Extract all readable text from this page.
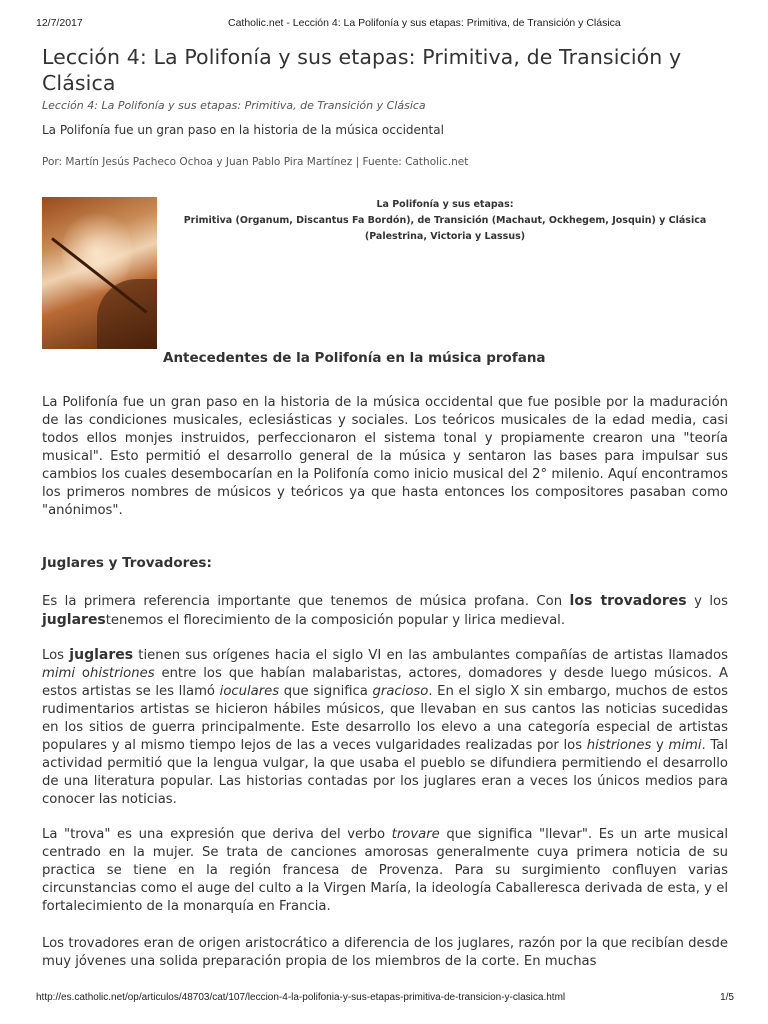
12/7/2017	Catholic.net - Lección 4: La Polifonía y sus etapas: Primitiva, de Transición y Clásica
Lección 4: La Polifonía y sus etapas: Primitiva, de Transición y Clásica
Lección 4: La Polifonía y sus etapas: Primitiva, de Transición y Clásica
La Polifonía fue un gran paso en la historia de la música occidental
Por: Martín Jesús Pacheco Ochoa y Juan Pablo Pira Martínez | Fuente: Catholic.net
La Polifonía y sus etapas:
Primitiva (Organum, Discantus Fa Bordón), de Transición (Machaut, Ockhegem, Josquin) y Clásica
(Palestrina, Victoria y Lassus)
Antecedentes de la Polifonía en la música profana

La Polifonía fue un gran paso en la historia de la música occidental que fue posible por la maduración de las condiciones musicales, eclesiásticas y sociales. Los teóricos musicales de la edad media, casi todos ellos monjes instruidos, perfeccionaron el sistema tonal y propiamente crearon una "teoría musical". Esto permitió el desarrollo general de la música y sentaron las bases para impulsar sus cambios los cuales desembocarían en la Polifonía como inicio musical del 2° milenio. Aquí encontramos los primeros nombres de músicos y teóricos ya que hasta entonces los compositores pasaban como "anónimos".

Juglares y Trovadores:

Es la primera referencia importante que tenemos de música profana. Con los trovadores y los juglarestenemos el florecimiento de la composición popular y lirica medieval.

Los juglares tienen sus orígenes hacia el siglo VI en las ambulantes compañías de artistas llamados mimi ohistriones entre los que habían malabaristas, actores, domadores y desde luego músicos. A estos artistas se les llamó ioculares que significa gracioso. En el siglo X sin embargo, muchos de estos rudimentarios artistas se hicieron hábiles músicos, que llevaban en sus cantos las noticias sucedidas en los sitios de guerra principalmente. Este desarrollo los elevo a una categoría especial de artistas populares y al mismo tiempo lejos de las a veces vulgaridades realizadas por los histriones y mimi. Tal actividad permitió que la lengua vulgar, la que usaba el pueblo se difundiera permitiendo el desarrollo de una literatura popular. Las historias contadas por los juglares eran a veces los únicos medios para conocer las noticias.

La "trova" es una expresión que deriva del verbo trovare que significa "llevar". Es un arte musical centrado en la mujer. Se trata de canciones amorosas generalmente cuya primera noticia de su practica se tiene en la región francesa de Provenza. Para su surgimiento confluyen varias circunstancias como el auge del culto a la Virgen María, la ideología Caballeresca derivada de esta, y el fortalecimiento de la monarquía en Francia.

Los trovadores eran de origen aristocrático a diferencia de los juglares, razón por la que recibían desde muy jóvenes una solida preparación propia de los miembros de la corte. En muchas

http://es.catholic.net/op/articulos/48703/cat/107/leccion-4-la-polifonia-y-sus-etapas-primitiva-de-transicion-y-clasica.html	1/5
